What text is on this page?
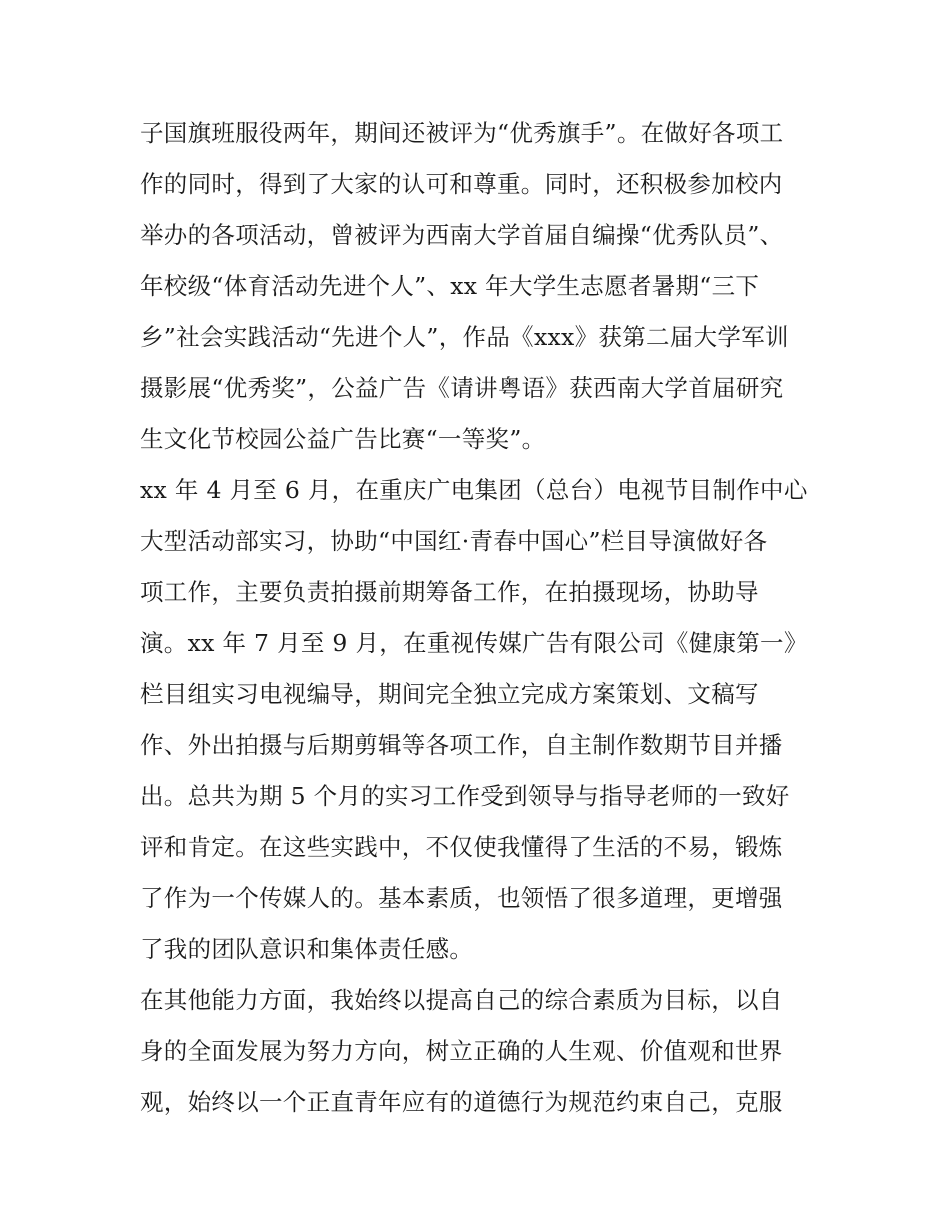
子国旗班服役两年，期间还被评为“优秀旗手”。在做好各项工
作的同时，得到了大家的认可和尊重。同时，还积极参加校内
举办的各项活动，曾被评为西南大学首届自编操“优秀队员”、
年校级“体育活动先进个人”、xx 年大学生志愿者暑期“三下
乡”社会实践活动“先进个人”，作品《xxx》获第二届大学军训
摄影展“优秀奖”，公益广告《请讲粤语》获西南大学首届研究
生文化节校园公益广告比赛“一等奖”。
xx 年 4 月至 6 月，在重庆广电集团（总台）电视节目制作中心
大型活动部实习，协助“中国红·青春中国心”栏目导演做好各
项工作，主要负责拍摄前期筹备工作，在拍摄现场，协助导
演。xx 年 7 月至 9 月，在重视传媒广告有限公司《健康第一》
栏目组实习电视编导，期间完全独立完成方案策划、文稿写
作、外出拍摄与后期剪辑等各项工作，自主制作数期节目并播
出。总共为期 5 个月的实习工作受到领导与指导老师的一致好
评和肯定。在这些实践中，不仅使我懂得了生活的不易，锻炼
了作为一个传媒人的。基本素质，也领悟了很多道理，更增强
了我的团队意识和集体责任感。
在其他能力方面，我始终以提高自己的综合素质为目标，以自
身的全面发展为努力方向，树立正确的人生观、价值观和世界
观，始终以一个正直青年应有的道德行为规范约束自己，克服
